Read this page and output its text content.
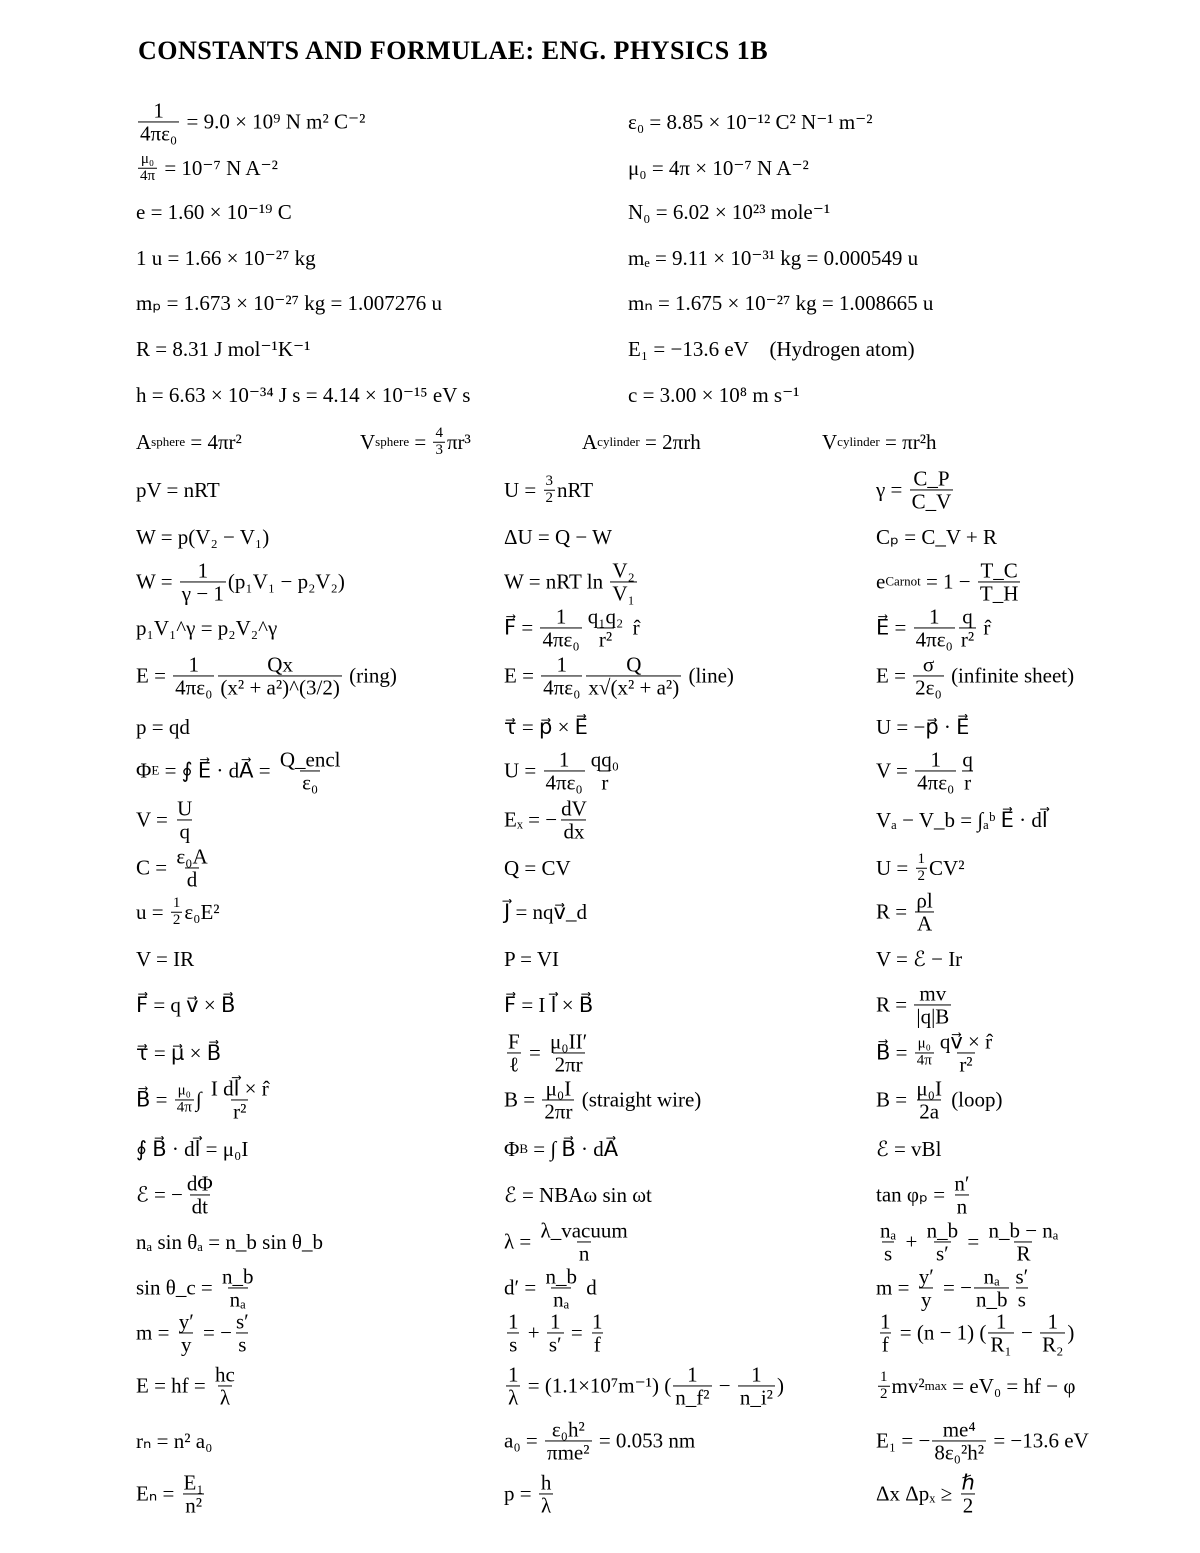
CONSTANTS AND FORMULAE: ENG. PHYSICS 1B
$\frac{1}{\text{4πε₀}} = 9.0 \times 10^9$ N m² C⁻²	ε₀ = 8.85 × 10⁻¹² C² N⁻¹ m⁻²
$\frac{\text{μ₀}}{4\pi} = 10^{-7}$ N A⁻²	μ₀ = 4π × 10⁻⁷ N A⁻²
e = 1.60 × 10⁻¹⁹ C	N₀ = 6.02 × 10²³ mole⁻¹
1 u = 1.66 × 10⁻²⁷ kg	mₑ = 9.11 × 10⁻³¹ kg = 0.000549 u
mₚ = 1.673 × 10⁻²⁷ kg = 1.007276 u	mₙ = 1.675 × 10⁻²⁷ kg = 1.008665 u
R = 8.31 J mol⁻¹K⁻¹	E₁ = −13.6 eV    (Hydrogen atom)
h = 6.63 × 10⁻³⁴ J s = 4.14 × 10⁻¹⁵ eV s	c = 3.00 × 10⁸ m s⁻¹
A sphere = 4πr²	V sphere = $\frac{4}{3} \pi r^3$	A cylinder = 2πrh	V cylinder = πr²h
pV = nRT	$U = \frac{3}{2}$ nRT	$\gamma = \frac{C\_P}{C\_V}$
W = p(V₂ − V₁)	ΔU = Q − W	Cₚ = C_V + R
$W = \frac{1}{\gamma - 1} (p_1V_1 - p_2V_2)$	W = nRT $\ln \frac{\text{V₂}}{\text{V₁}}$	e Carnot = $1 - \frac{T\_C}{T\_H}$
p₁V₁^γ = p₂V₂^γ	F⃗ = $\frac{1}{\text{4πε₀}} \frac{\text{q₁q₂}}{\text{r²}}$ r̂	E⃗ = $\frac{1}{\text{4πε₀}} \frac{q}{\text{r²}}$ r̂
$E = \frac{1}{\text{4πε₀}} \frac{Qx}{\text{(x² + a²)\textasciicircum{}(3/2)}}$ (ring)	$E = \frac{1}{\text{4πε₀}} \frac{Q}{\text{x√(x² + a²)}}$ (line)	$E = \frac{\sigma}{\text{2ε₀}}$ (infinite sheet)
p = qd	τ⃗ = p⃗ × E⃗	U = −p⃗ · E⃗
Φ E = ∮ E⃗ · dA⃗ = $\frac{\text{Q\_encl}}{\text{ε₀}}$	$U = \frac{1}{\text{4πε₀}} \frac{\text{qq₀}}{r}$	$V = \frac{1}{\text{4πε₀}} \frac{q}{r}$
$V = \frac{U}{q}$	Eₓ = − $\frac{dV}{dx}$	Vₐ − V_b = ∫ₐᵇ E⃗ · dl⃗
$C = \frac{\text{ε₀A}}{d}$	Q = CV	$U = \frac{1}{2} CV^2$
$u = \frac{1}{2} \varepsilon_0E^2$	J⃗ = nqv⃗_d	$R = \frac{\rho l}{A}$
V = IR	P = VI	V = ℰ − Ir
F⃗ = q v⃗ × B⃗	F⃗ = I l⃗ × B⃗	$R = \frac{mv}{|q|B}$
τ⃗ = μ⃗ × B⃗	$\frac{F}{\text{ℓ}} = \frac{\text{μ₀II′}}{2\pi r}$	B⃗ = $\frac{\text{μ₀}}{4\pi} \frac{qv⃗ \times r̂}{\text{r²}}$
B⃗ = $\frac{\text{μ₀}}{4\pi}$ ∫ $\frac{\text{I dl⃗ × r̂}}{\text{r²}}$	$B = \frac{\text{μ₀I}}{2\pi r}$ (straight wire)	$B = \frac{\text{μ₀I}}{2a}$ (loop)
∮ B⃗ · dl⃗ = μ₀I	Φ B = ∫ B⃗ · dA⃗	ℰ = vBl
ℰ = − $\frac{d\Phi}{dt}$	ℰ = NBAω sin ωt	$\tan \varphi_p = \frac{n'}{n}$
nₐ sin θₐ = n_b sin θ_b	$\lambda = \frac{\text{λ\_vacuum}}{n}$	$\frac{\text{nₐ}}{s} + \frac{n\_b}{s'} = \frac{\text{n\_b − nₐ}}{R}$
sin θ_c = $\frac{n\_b}{\text{nₐ}}$	$d' = \frac{n\_b}{\text{nₐ}}$ d	$m = \frac{y'}{y}$ = − $\frac{\text{nₐ}}{n\_b} \frac{s'}{s}$
$m = \frac{y'}{y}$ = − $\frac{s'}{s}$	$\frac{1}{s} + \frac{1}{s'} = \frac{1}{f}$	$\frac{1}{f} = (n - 1)$ ( $\frac{1}{\text{R₁}} - \frac{1}{\text{R₂}}$ )
E = hf = $\frac{hc}{\lambda}$	$\frac{1}{\lambda} = (1.1\times 10^7m^{-1})$ ( $\frac{1}{\text{n\_f²}} - \frac{1}{\text{n\_i²}}$ )	$\frac{1}{2} mv^2$ max = eV₀ = hf − φ
rₙ = n² a₀	$a_0 = \frac{\text{ε₀h²}}{\text{πme²}} = 0.053$ nm	E₁ = − $\frac{\text{me⁴}}{\text{8ε₀²h²}} = -13.6$ eV
$E_n = \frac{\text{E₁}}{\text{n²}}$	$p = \frac{h}{\lambda}$	Δx $\Delta p_x \ge \frac{\text{ℏ}}{2}$
